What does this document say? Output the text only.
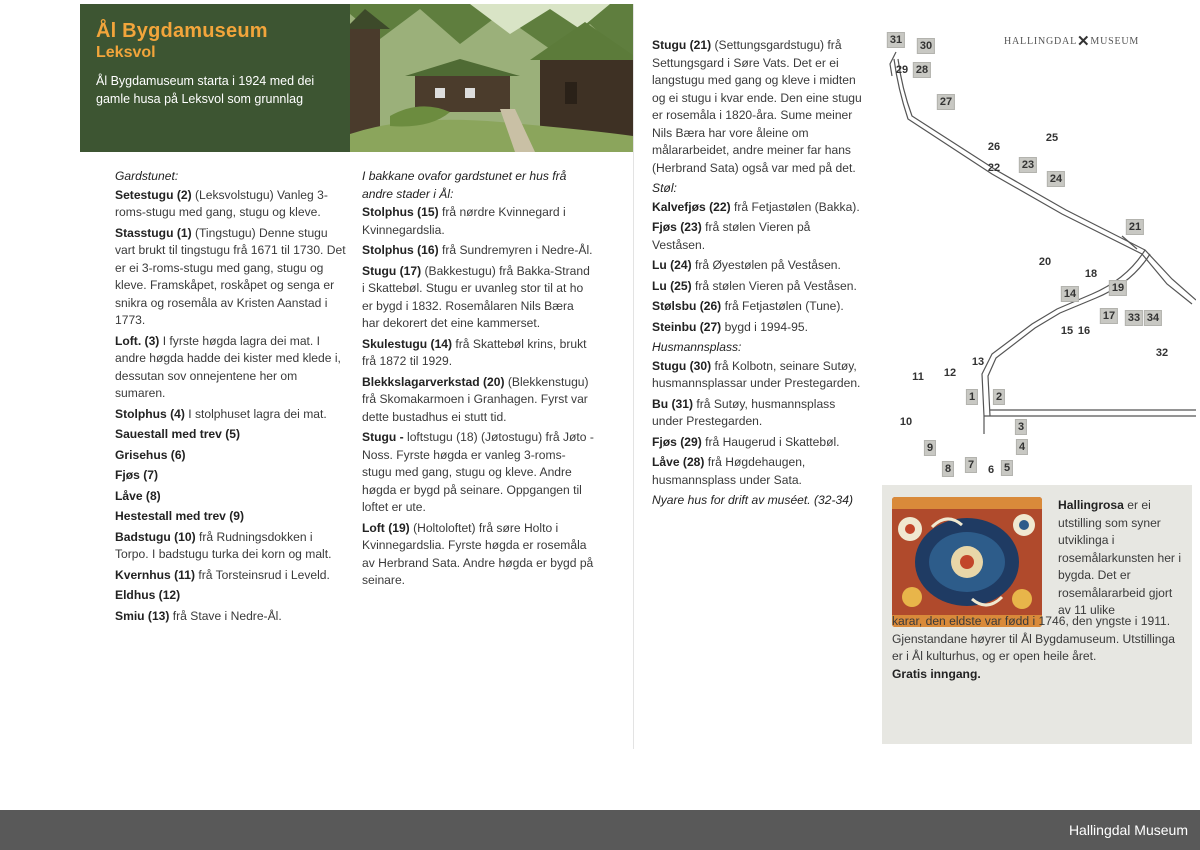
Ål Bygdamuseum
Leksvol
Ål Bygdamuseum starta i 1924 med dei gamle husa på Leksvol som grunnlag
Gardstunet:
Setestugu (2) (Leksvolstugu) Vanleg 3-roms-stugu med gang, stugu og kleve.
Stasstugu (1) (Tingstugu) Denne stugu vart brukt til tingstugu frå 1671 til 1730. Det er ei 3-roms-stugu med gang, stugu og kleve. Framskåpet, roskåpet og senga er snikra og rosemåla av Kristen Aanstad i 1773.
Loft. (3) I fyrste høgda lagra dei mat. I andre høgda hadde dei kister med klede i, dessutan sov onnejentene her om sumaren.
Stolphus (4) I stolphuset lagra dei mat.
Sauestall med trev (5)
Grisehus (6)
Fjøs (7)
Låve (8)
Hestestall med trev (9)
Badstugu (10) frå Rudningsdokken i Torpo. I badstugu turka dei korn og malt.
Kvernhus (11) frå Torsteinsrud i Leveld.
Eldhus (12)
Smiu (13) frå Stave i Nedre-Ål.
I bakkane ovafor gardstunet er hus frå andre stader i Ål:
Stolphus (15) frå nørdre Kvinnegard i Kvinnegardslia.
Stolphus (16) frå Sundremyren i Nedre-Ål.
Stugu (17) (Bakkestugu) frå Bakka-Strand i Skattebøl. Stugu er uvanleg stor til at ho er bygd i 1832. Rosemålaren Nils Bæra har dekorert det eine kammerset.
Skulestugu (14) frå Skattebøl krins, brukt frå 1872 til 1929.
Blekkslagarverkstad (20) (Blekkenstugu) frå Skomakarmoen i Granhagen. Fyrst var dette bustadhus ei stutt tid.
Stugu - loftstugu (18) (Jøtostugu) frå Jøto - Noss. Fyrste høgda er vanleg 3-roms-stugu med gang, stugu og kleve. Andre høgda er bygd på seinare. Oppgangen til loftet er ute.
Loft (19) (Holtoloftet) frå søre Holto i Kvinnegardslia. Fyrste høgda er rosemåla av Herbrand Sata. Andre høgda er bygd på seinare.
Stugu (21) (Settungsgardstugu) frå Settungsgard i Søre Vats. Det er ei langstugu med gang og kleve i midten og ei stugu i kvar ende. Den eine stugu er rosemåla i 1820-åra. Sume meiner Nils Bæra har vore åleine om målararbeidet, andre meiner far hans (Herbrand Sata) også var med på det.
Støl:
Kalvefjøs (22) frå Fetjastølen (Bakka).
Fjøs (23) frå stølen Vieren på Veståsen.
Lu (24) frå Øyestølen på Veståsen.
Lu (25) frå stølen Vieren på Veståsen.
Stølsbu (26) frå Fetjastølen (Tune).
Steinbu (27) bygd i 1994-95.
Husmannsplass:
Stugu (30) frå Kolbotn, seinare Sutøy, husmannsplassar under Prestegarden.
Bu (31) frå Sutøy, husmannsplass under Prestegarden.
Fjøs (29) frå Haugerud i Skattebøl.
Låve (28) frå Høgdehaugen, husmannsplass under Sata.
Nyare hus for drift av muséet. (32-34)
HALLINGDAL✕MUSEUM
31 30
29 28
27
26
25
22 23
24
21
20
18
19
14
17 33 34
15 16
32
13
11 12
1 2
3
10
4
9
8 7 6 5
Hallingrosa er ei utstilling som syner utviklinga i rosemålarkunsten her i bygda. Det er rosemålararbeid gjort av 11 ulike
karar, den eldste var fødd i 1746, den yngste i 1911. Gjenstandane høyrer til Ål Bygdamuseum. Utstillinga er i Ål kulturhus, og er open heile året.
Gratis inngang.
Hallingdal Museum
